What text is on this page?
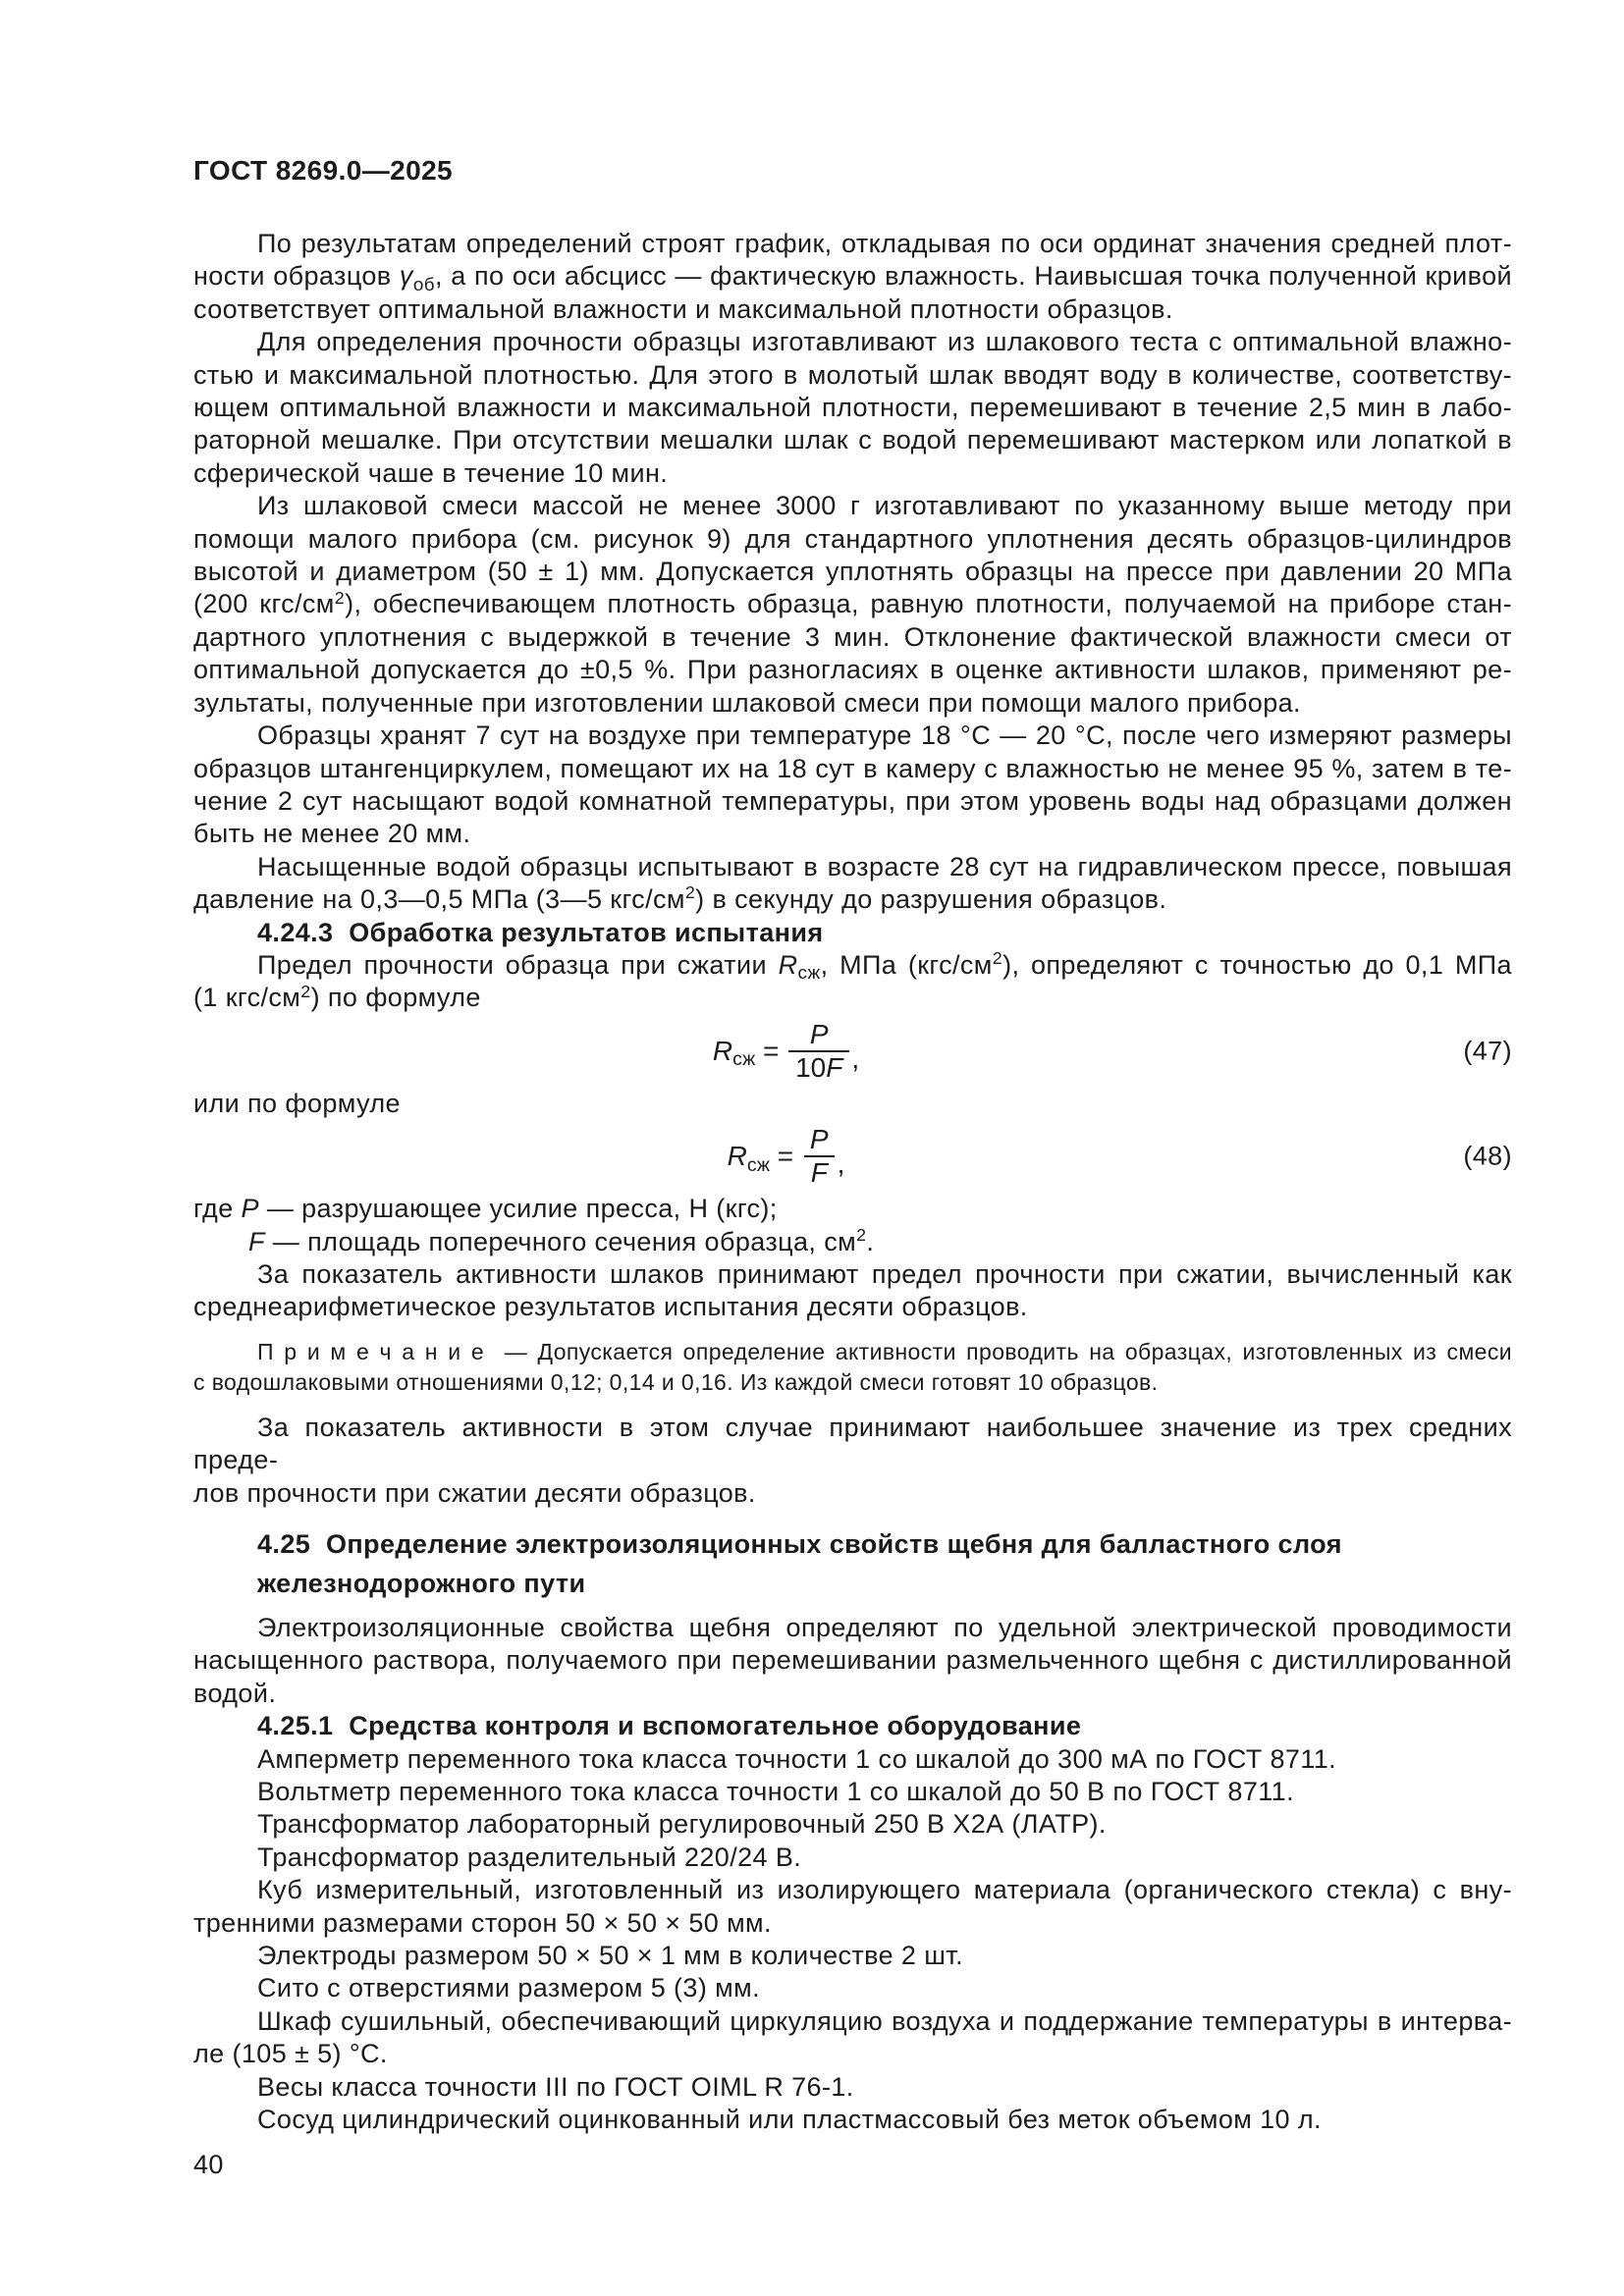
ГОСТ 8269.0—2025
По результатам определений строят график, откладывая по оси ординат значения средней плот-
ности образцов $\gamma_{об}$, а по оси абсцисс — фактическую влажность. Наивысшая точка полученной кривой
соответствует оптимальной влажности и максимальной плотности образцов.
Для определения прочности образцы изготавливают из шлакового теста с оптимальной влажно-
стью и максимальной плотностью. Для этого в молотый шлак вводят воду в количестве, соответству-
ющем оптимальной влажности и максимальной плотности, перемешивают в течение 2,5 мин в лабо-
раторной мешалке. При отсутствии мешалки шлак с водой перемешивают мастерком или лопаткой в
сферической чаше в течение 10 мин.
Из шлаковой смеси массой не менее 3000 г изготавливают по указанному выше методу при
помощи малого прибора (см. рисунок 9) для стандартного уплотнения десять образцов-цилиндров
высотой и диаметром (50 ± 1) мм. Допускается уплотнять образцы на прессе при давлении 20 МПа
(200 кгс/$см^2$), обеспечивающем плотность образца, равную плотности, получаемой на приборе стан-
дартного уплотнения с выдержкой в течение 3 мин. Отклонение фактической влажности смеси от
оптимальной допускается до ±0,5 %. При разногласиях в оценке активности шлаков, применяют ре-
зультаты, полученные при изготовлении шлаковой смеси при помощи малого прибора.
Образцы хранят 7 сут на воздухе при температуре 18 °С — 20 °С, после чего измеряют размеры
образцов штангенциркулем, помещают их на 18 сут в камеру с влажностью не менее 95 %, затем в те-
чение 2 сут насыщают водой комнатной температуры, при этом уровень воды над образцами должен
быть не менее 20 мм.
Насыщенные водой образцы испытывают в возрасте 28 сут на гидравлическом прессе, повышая
давление на 0,3—0,5 МПа (3—5 кгс/$см^2$) в секунду до разрушения образцов.
4.24.3  Обработка результатов испытания
Предел прочности образца при сжатии $R_{сж}$, МПа $(кгс/см^2)$, определяют с точностью до 0,1 МПа
(1 кгс/$см^2$) по формуле
$R_{сж} = \frac{P}{10F}$ ,	(47)
или по формуле
$R_{сж} = \frac{P}{F}$ ,	(48)
где P — разрушающее усилие пресса, Н (кгс);
F — площадь поперечного сечения образца, $см^2$.
За показатель активности шлаков принимают предел прочности при сжатии, вычисленный как
среднеарифметическое результатов испытания десяти образцов.
П р и м е ч а н и е  — Допускается определение активности проводить на образцах, изготовленных из смеси
с водошлаковыми отношениями 0,12; 0,14 и 0,16. Из каждой смеси готовят 10 образцов.
За показатель активности в этом случае принимают наибольшее значение из трех средних преде-
лов прочности при сжатии десяти образцов.
4.25  Определение электроизоляционных свойств щебня для балластного слоя
железнодорожного пути
Электроизоляционные свойства щебня определяют по удельной электрической проводимости
насыщенного раствора, получаемого при перемешивании размельченного щебня с дистиллированной
водой.
4.25.1  Средства контроля и вспомогательное оборудование
Амперметр переменного тока класса точности 1 со шкалой до 300 мА по ГОСТ 8711.
Вольтметр переменного тока класса точности 1 со шкалой до 50 В по ГОСТ 8711.
Трансформатор лабораторный регулировочный 250 В Х2А (ЛАТР).
Трансформатор разделительный 220/24 В.
Куб измерительный, изготовленный из изолирующего материала (органического стекла) с вну-
тренними размерами сторон 50 × 50 × 50 мм.
Электроды размером 50 × 50 × 1 мм в количестве 2 шт.
Сито с отверстиями размером 5 (3) мм.
Шкаф сушильный, обеспечивающий циркуляцию воздуха и поддержание температуры в интерва-
ле (105 ± 5) °С.
Весы класса точности III по ГОСТ OIML R 76-1.
Сосуд цилиндрический оцинкованный или пластмассовый без меток объемом 10 л.
40
